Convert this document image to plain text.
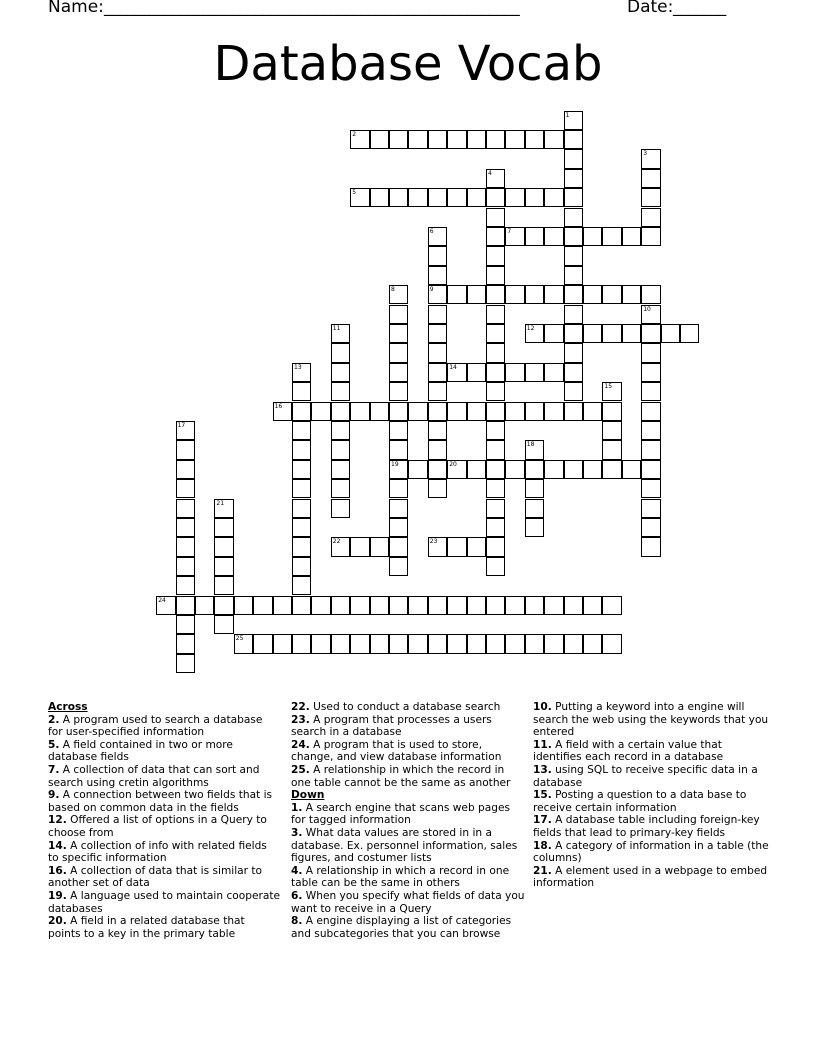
Name: _______________________________________________________	Date: _______
Database Vocab
1
2
3
4
5
6
9
7
8
19
10
11	12
13	14
15
16
17
18
20
21
22	23
24
25
Across
2. A program used to search a database for user-specified information
5. A field contained in two or more database fields
7. A collection of data that can sort and search using cretin algorithms
9. A connection between two fields that is based on common data in the fields
12. Offered a list of options in a Query to choose from
14. A collection of info with related fields to specific information
16. A collection of data that is similar to another set of data
19. A language used to maintain cooperate databases
20. A field in a related database that points to a key in the primary table
22. Used to conduct a database search
23. A program that processes a users search in a database
24. A program that is used to store, change, and view database information
25. A relationship in which the record in one table cannot be the same as another
Down
1. A search engine that scans web pages for tagged information
3. What data values are stored in in a database. Ex. personnel information, sales figures, and costumer lists
4. A relationship in which a record in one table can be the same in others
6. When you specify what fields of data you want to receive in a Query
8. A engine displaying a list of categories and subcategories that you can browse
10. Putting a keyword into a engine will search the web using the keywords that you entered
11. A field with a certain value that identifies each record in a database
13. using SQL to receive specific data in a database
15. Posting a question to a data base to receive certain information
17. A database table including foreign-key fields that lead to primary-key fields
18. A category of information in a table (the columns)
21. A element used in a webpage to embed information
